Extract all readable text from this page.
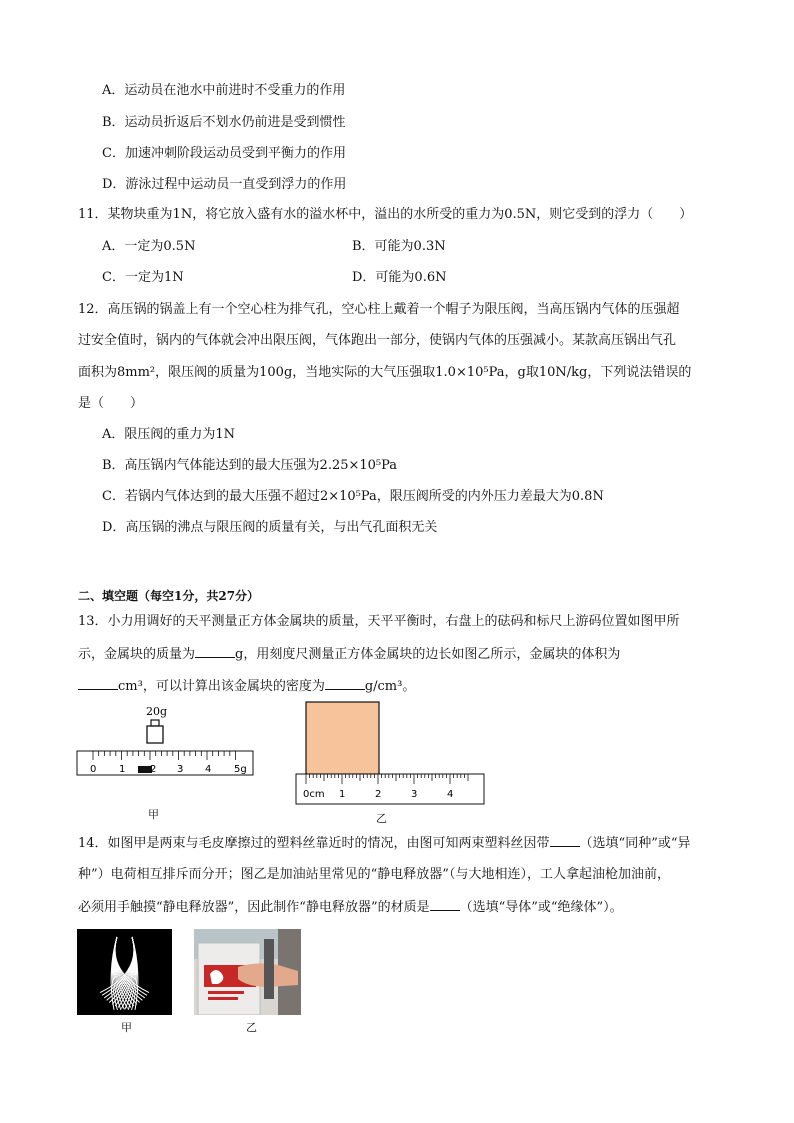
A．运动员在池水中前进时不受重力的作用
B．运动员折返后不划水仍前进是受到惯性
C．加速冲刺阶段运动员受到平衡力的作用
D．游泳过程中运动员一直受到浮力的作用
11．某物块重为1N，将它放入盛有水的溢水杯中，溢出的水所受的重力为0.5N，则它受到的浮力（　　）
A．一定为0.5N	B．可能为0.3N
C．一定为1N	D．可能为0.6N
12．高压锅的锅盖上有一个空心柱为排气孔，空心柱上戴着一个帽子为限压阀，当高压锅内气体的压强超
过安全值时，锅内的气体就会冲出限压阀，气体跑出一部分，使锅内气体的压强减小。某款高压锅出气孔
面积为8mm²，限压阀的质量为100g，当地实际的大气压强取1.0×10⁵Pa，g取10N/kg，下列说法错误的
是（　　）
A．限压阀的重力为1N
B．高压锅内气体能达到的最大压强为2.25×10⁵Pa
C．若锅内气体达到的最大压强不超过2×10⁵Pa，限压阀所受的内外压力差最大为0.8N
D．高压锅的沸点与限压阀的质量有关，与出气孔面积无关
二、填空题（每空1分，共27分）
13．小力用调好的天平测量正方体金属块的质量，天平平衡时，右盘上的砝码和标尺上游码位置如图甲所
示，金属块的质量为	g，用刻度尺测量正方体金属块的边长如图乙所示，金属块的体积为
cm³，可以计算出该金属块的密度为	g/cm³。
20g
0 1 2 3 4 5g
甲
0cm 1	2	3	4
乙
14．如图甲是两束与毛皮摩擦过的塑料丝靠近时的情况，由图可知两束塑料丝因带 （选填“同种”或“异
种”）电荷相互排斥而分开；图乙是加油站里常见的“静电释放器”（与大地相连），工人拿起油枪加油前，
必须用手触摸“静电释放器”，因此制作“静电释放器”的材质是 （选填“导体”或“绝缘体”）。
甲	乙
